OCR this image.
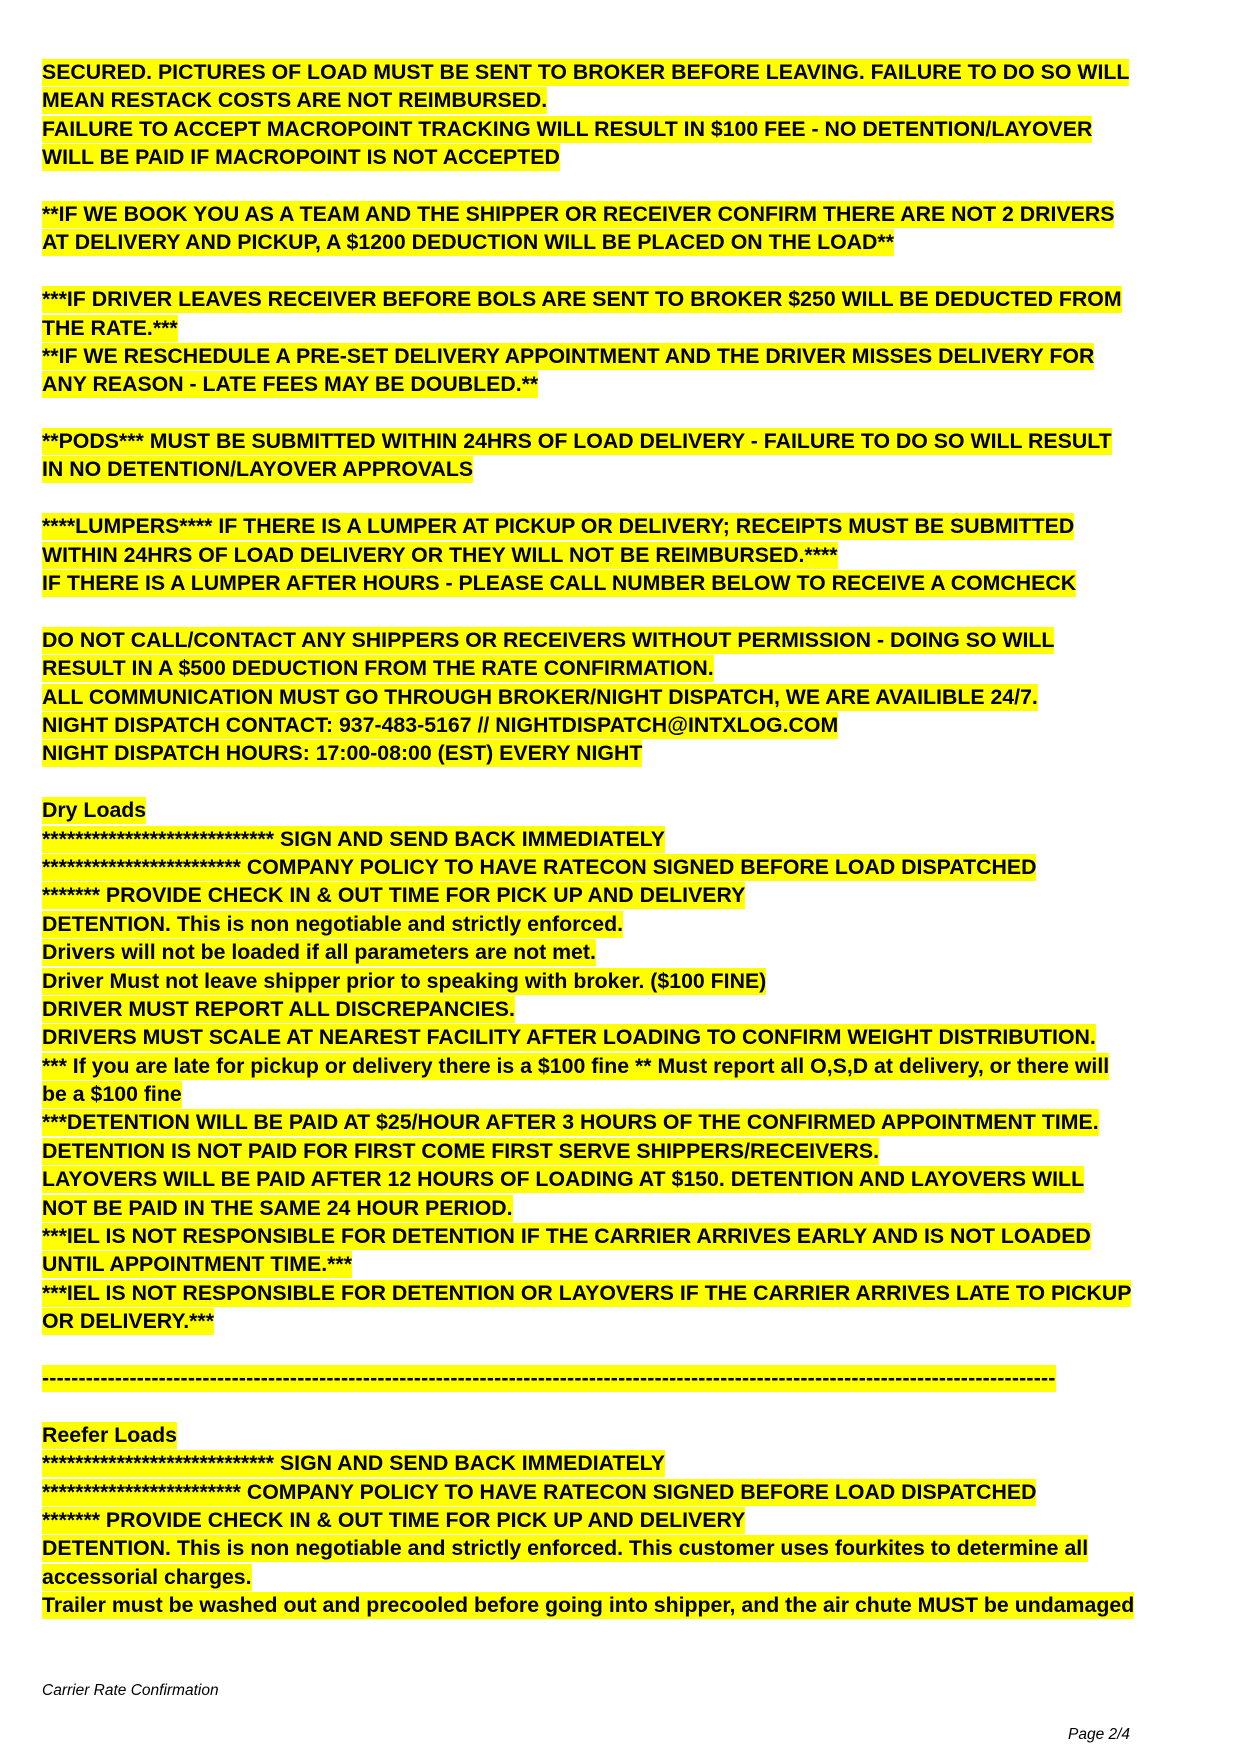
SECURED. PICTURES OF LOAD MUST BE SENT TO BROKER BEFORE LEAVING. FAILURE TO DO SO WILL
MEAN RESTACK COSTS ARE NOT REIMBURSED.
FAILURE TO ACCEPT MACROPOINT TRACKING WILL RESULT IN $100 FEE - NO DETENTION/LAYOVER
WILL BE PAID IF MACROPOINT IS NOT ACCEPTED
**IF WE BOOK YOU AS A TEAM AND THE SHIPPER OR RECEIVER CONFIRM THERE ARE NOT 2 DRIVERS
AT DELIVERY AND PICKUP, A $1200 DEDUCTION WILL BE PLACED ON THE LOAD**
***IF DRIVER LEAVES RECEIVER BEFORE BOLS ARE SENT TO BROKER $250 WILL BE DEDUCTED FROM
THE RATE.***
**IF WE RESCHEDULE A PRE-SET DELIVERY APPOINTMENT AND THE DRIVER MISSES DELIVERY FOR
ANY REASON - LATE FEES MAY BE DOUBLED.**
**PODS*** MUST BE SUBMITTED WITHIN 24HRS OF LOAD DELIVERY - FAILURE TO DO SO WILL RESULT
IN NO DETENTION/LAYOVER APPROVALS
****LUMPERS**** IF THERE IS A LUMPER AT PICKUP OR DELIVERY; RECEIPTS MUST BE SUBMITTED
WITHIN 24HRS OF LOAD DELIVERY OR THEY WILL NOT BE REIMBURSED.****
IF THERE IS A LUMPER AFTER HOURS - PLEASE CALL NUMBER BELOW TO RECEIVE A COMCHECK
DO NOT CALL/CONTACT ANY SHIPPERS OR RECEIVERS WITHOUT PERMISSION - DOING SO WILL
RESULT IN A $500 DEDUCTION FROM THE RATE CONFIRMATION.
ALL COMMUNICATION MUST GO THROUGH BROKER/NIGHT DISPATCH, WE ARE AVAILIBLE 24/7.
NIGHT DISPATCH CONTACT: 937-483-5167 // NIGHTDISPATCH@INTXLOG.COM
NIGHT DISPATCH HOURS: 17:00-08:00 (EST) EVERY NIGHT
Dry Loads
**************************** SIGN AND SEND BACK IMMEDIATELY
************************ COMPANY POLICY TO HAVE RATECON SIGNED BEFORE LOAD DISPATCHED
******* PROVIDE CHECK IN & OUT TIME FOR PICK UP AND DELIVERY
DETENTION. This is non negotiable and strictly enforced.
Drivers will not be loaded if all parameters are not met.
Driver Must not leave shipper prior to speaking with broker. ($100 FINE)
DRIVER MUST REPORT ALL DISCREPANCIES.
DRIVERS MUST SCALE AT NEAREST FACILITY AFTER LOADING TO CONFIRM WEIGHT DISTRIBUTION.
*** If you are late for pickup or delivery there is a $100 fine ** Must report all O,S,D at delivery, or there will
be a $100 fine
***DETENTION WILL BE PAID AT $25/HOUR AFTER 3 HOURS OF THE CONFIRMED APPOINTMENT TIME.
DETENTION IS NOT PAID FOR FIRST COME FIRST SERVE SHIPPERS/RECEIVERS.
LAYOVERS WILL BE PAID AFTER 12 HOURS OF LOADING AT $150. DETENTION AND LAYOVERS WILL
NOT BE PAID IN THE SAME 24 HOUR PERIOD.
***IEL IS NOT RESPONSIBLE FOR DETENTION IF THE CARRIER ARRIVES EARLY AND IS NOT LOADED
UNTIL APPOINTMENT TIME.***
***IEL IS NOT RESPONSIBLE FOR DETENTION OR LAYOVERS IF THE CARRIER ARRIVES LATE TO PICKUP
OR DELIVERY.***
-------------------------------------------------------------------------------------------------------------------------------------------
Reefer Loads
**************************** SIGN AND SEND BACK IMMEDIATELY
************************ COMPANY POLICY TO HAVE RATECON SIGNED BEFORE LOAD DISPATCHED
******* PROVIDE CHECK IN & OUT TIME FOR PICK UP AND DELIVERY
DETENTION. This is non negotiable and strictly enforced. This customer uses fourkites to determine all
accessorial charges.
Trailer must be washed out and precooled before going into shipper, and the air chute MUST be undamaged
Carrier Rate Confirmation
Page 2/4
